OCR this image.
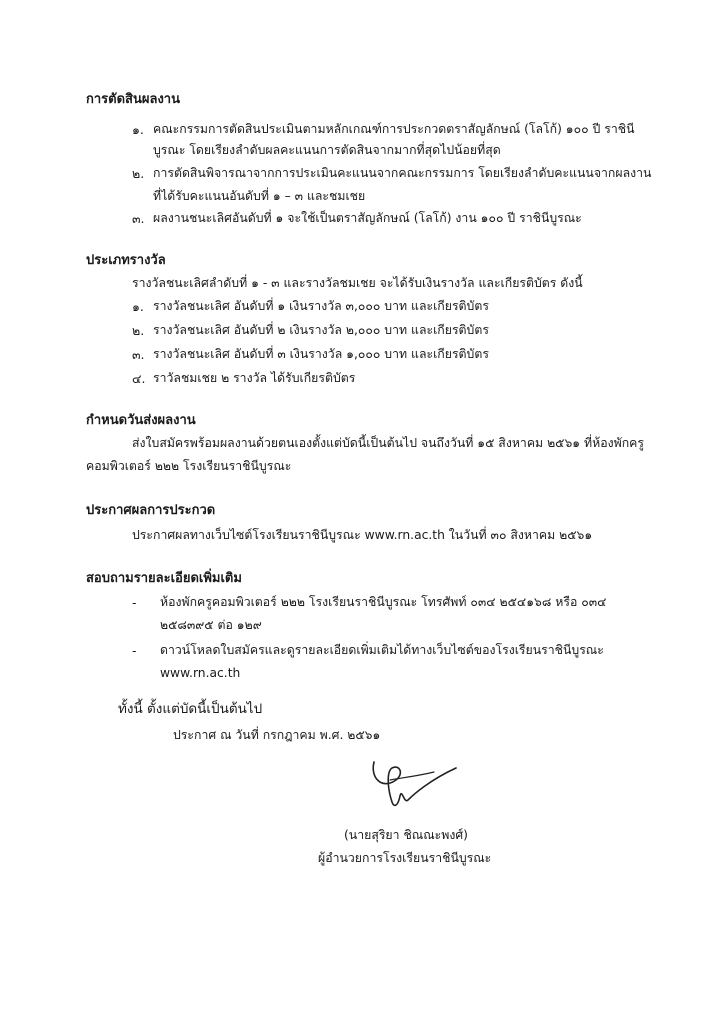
การตัดสินผลงาน
๑. คณะกรรมการตัดสินประเมินตามหลักเกณฑ์การประกวดตราสัญลักษณ์ (โลโก้) ๑๐๐ ปี ราชินี
บูรณะ โดยเรียงลำดับผลคะแนนการตัดสินจากมากที่สุดไปน้อยที่สุด
๒. การตัดสินพิจารณาจากการประเมินคะแนนจากคณะกรรมการ โดยเรียงลำดับคะแนนจากผลงาน
ที่ได้รับคะแนนอันดับที่ ๑ – ๓ และชมเชย
๓. ผลงานชนะเลิศอันดับที่ ๑ จะใช้เป็นตราสัญลักษณ์ (โลโก้) งาน ๑๐๐ ปี ราชินีบูรณะ
ประเภทรางวัล
รางวัลชนะเลิศลำดับที่ ๑ - ๓ และรางวัลชมเชย จะได้รับเงินรางวัล และเกียรติบัตร ดังนี้
๑. รางวัลชนะเลิศ อันดับที่ ๑ เงินรางวัล ๓,๐๐๐ บาท และเกียรติบัตร
๒. รางวัลชนะเลิศ อันดับที่ ๒ เงินรางวัล ๒,๐๐๐ บาท และเกียรติบัตร
๓. รางวัลชนะเลิศ อันดับที่ ๓ เงินรางวัล ๑,๐๐๐ บาท และเกียรติบัตร
๔. ราวัลชมเชย ๒ รางวัล ได้รับเกียรติบัตร
กำหนดวันส่งผลงาน
ส่งใบสมัครพร้อมผลงานด้วยตนเองตั้งแต่บัดนี้เป็นต้นไป จนถึงวันที่ ๑๕ สิงหาคม ๒๕๖๑ ที่ห้องพักครู
คอมพิวเตอร์ ๒๒๒ โรงเรียนราชินีบูรณะ
ประกาศผลการประกวด
ประกาศผลทางเว็บไซต์โรงเรียนราชินีบูรณะ www.rn.ac.th ในวันที่ ๓๐ สิงหาคม ๒๕๖๑
สอบถามรายละเอียดเพิ่มเติม
- ห้องพักครูคอมพิวเตอร์ ๒๒๒ โรงเรียนราชินีบูรณะ โทรศัพท์ ๐๓๔ ๒๕๔๑๖๘ หรือ ๐๓๔
๒๕๘๓๙๕ ต่อ ๑๒๙
- ดาวน์โหลดใบสมัครและดูรายละเอียดเพิ่มเติมได้ทางเว็บไซต์ของโรงเรียนราชินีบูรณะ
www.rn.ac.th
ทั้งนี้ ตั้งแต่บัดนี้เป็นต้นไป
ประกาศ ณ วันที่ กรกฎาคม พ.ศ. ๒๕๖๑
(นายสุริยา ชิณณะพงศ์)
ผู้อำนวยการโรงเรียนราชินีบูรณะ
